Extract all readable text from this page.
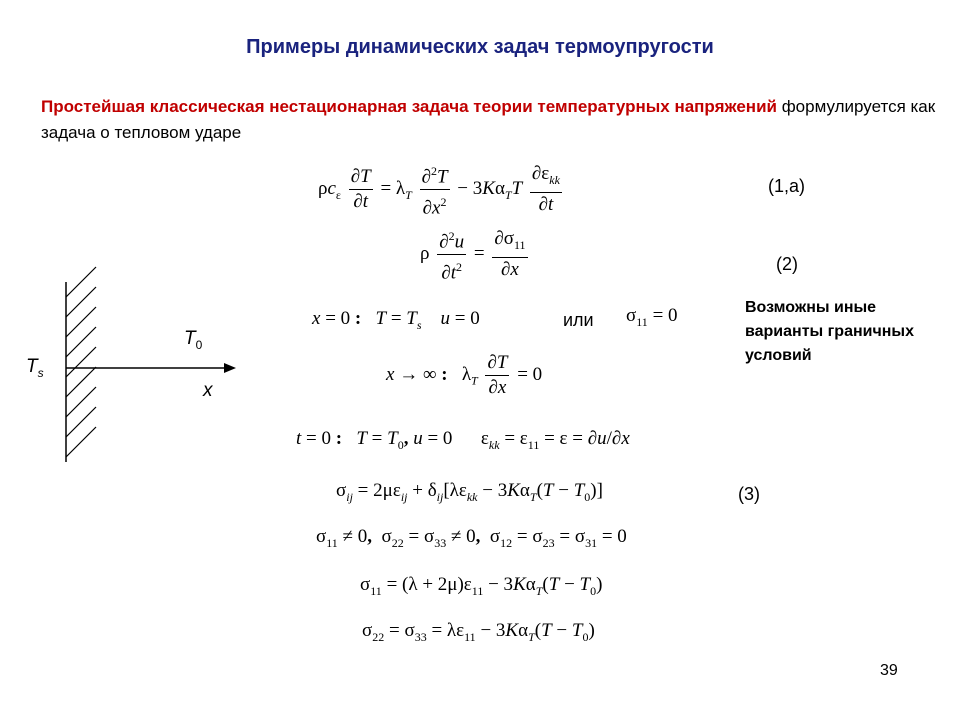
Примеры динамических задач термоупругости
Простейшая классическая нестационарная задача теории температурных напряжений формулируется как задача о тепловом ударе
$\rho c_\varepsilon \frac{\partial T}{\partial t} = \lambda_T \frac{\partial^2T}{\partial x^2} - 3K\alpha_TT \frac{\partial\varepsilon_{kk}}{\partial t}$	(1,а)
ρ $\frac{\partial^2u}{\partial t^2} = \frac{\partial\sigma_{11}}{\partial x}$	(2)
x = 0 : $T = T_s$ u = 0	или $\sigma_{11} = 0$	Возможны иные варианты граничных условий
x → ∞ :   $\lambda_T \frac{\partial T}{\partial x} = 0$
t = 0 : $T = T_0$, u = 0      $\varepsilon_{kk} = \varepsilon_{11} = \varepsilon = \partial u/\partial x$
$\sigma_{ij} = 2\mu\varepsilon_{ij} + \delta_{ij}[\lambda\varepsilon_{kk} - 3K\alpha_T(T - T_0)]$	(3)
$\sigma_{11} \ne 0$,  $\sigma_{22} = \sigma_{33} \ne 0$,  $\sigma_{12} = \sigma_{23} = \sigma_{31} = 0$
$\sigma_{11} = (\lambda + 2\mu)\varepsilon_{11} - 3K\alpha_T(T - T_0)$
$\sigma_{22} = \sigma_{33} = \lambda\varepsilon_{11} - 3K\alpha_T(T - T_0)$
$T_s$
$T_0$
x
39
